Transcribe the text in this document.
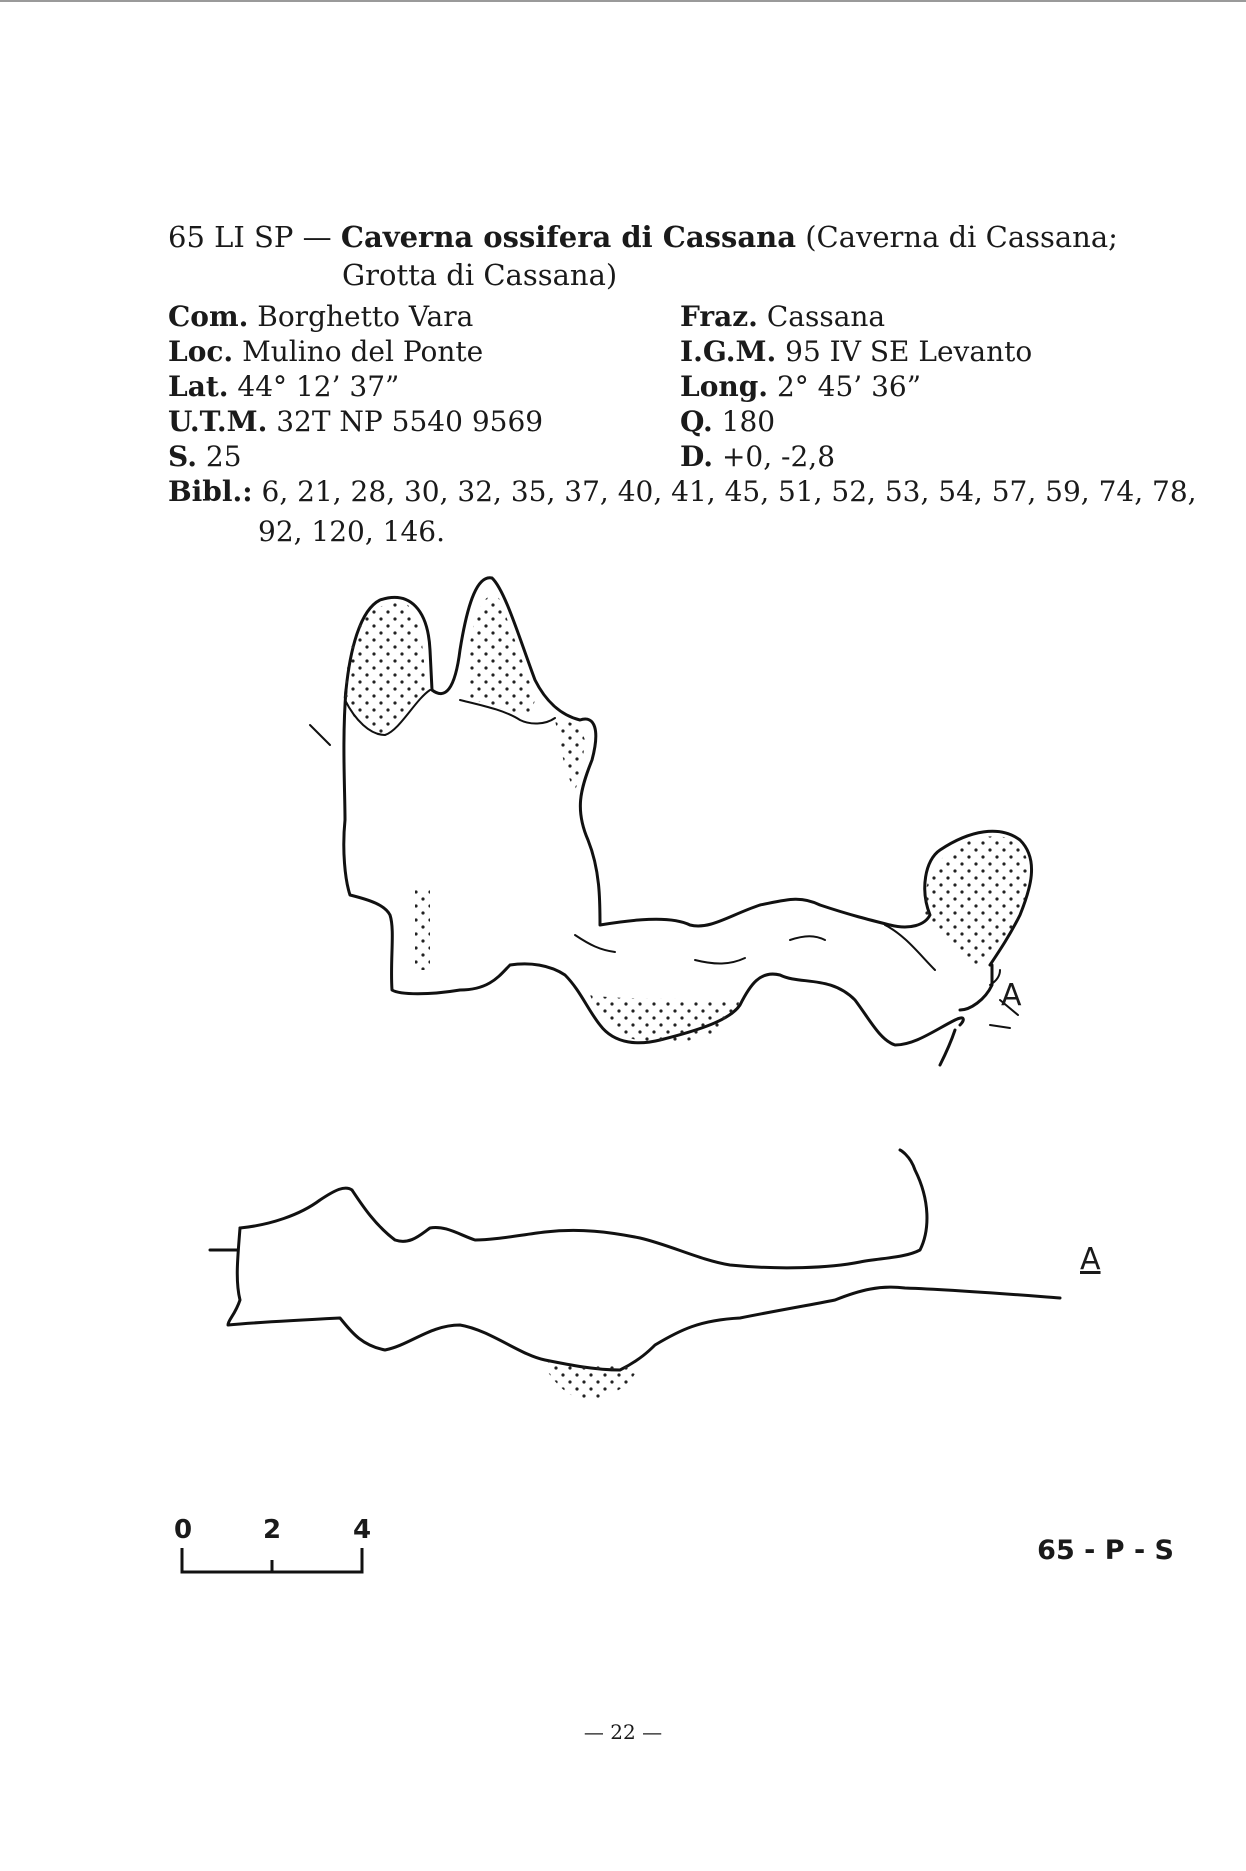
65 LI SP — Caverna ossifera di Cassana (Caverna di Cassana;
Grotta di Cassana)
Com. Borghetto Vara	Fraz. Cassana
Loc. Mulino del Ponte	I.G.M. 95 IV SE Levanto
Lat. 44° 12’ 37”	Long. 2° 45’ 36”
U.T.M. 32T NP 5540 9569	Q. 180
S. 25	D. +0, -2,8
Bibl.: 6, 21, 28, 30, 32, 35, 37, 40, 41, 45, 51, 52, 53, 54, 57, 59, 74, 78,
92, 120, 146.
A
A
0	2	4
65 - P - S
— 22 —
